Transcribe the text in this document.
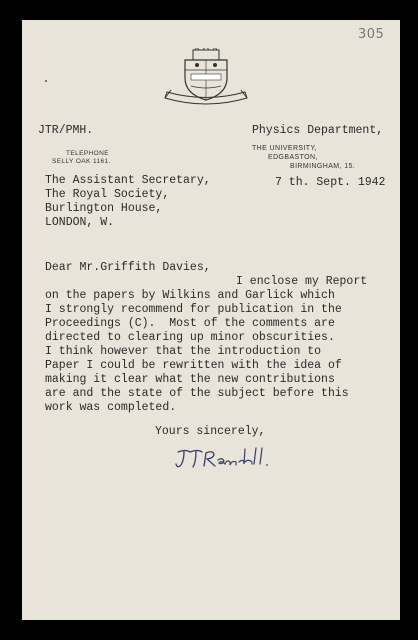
305
JTR/PMH.	Physics Department,
TELEPHONE
SELLY OAK 1161.
THE UNIVERSITY,
EDGBASTON,
BIRMINGHAM, 15.
The Assistant Secretary,
The Royal Society,
Burlington House,
LONDON, W.
7 th. Sept. 1942
Dear Mr.Griffith Davies,
I enclose my Report
on the papers by Wilkins and Garlick which
I strongly recommend for publication in the
Proceedings (C).  Most of the comments are
directed to clearing up minor obscurities.
I think however that the introduction to
Paper I could be rewritten with the idea of
making it clear what the new contributions
are and the state of the subject before this
work was completed.
Yours sincerely,
